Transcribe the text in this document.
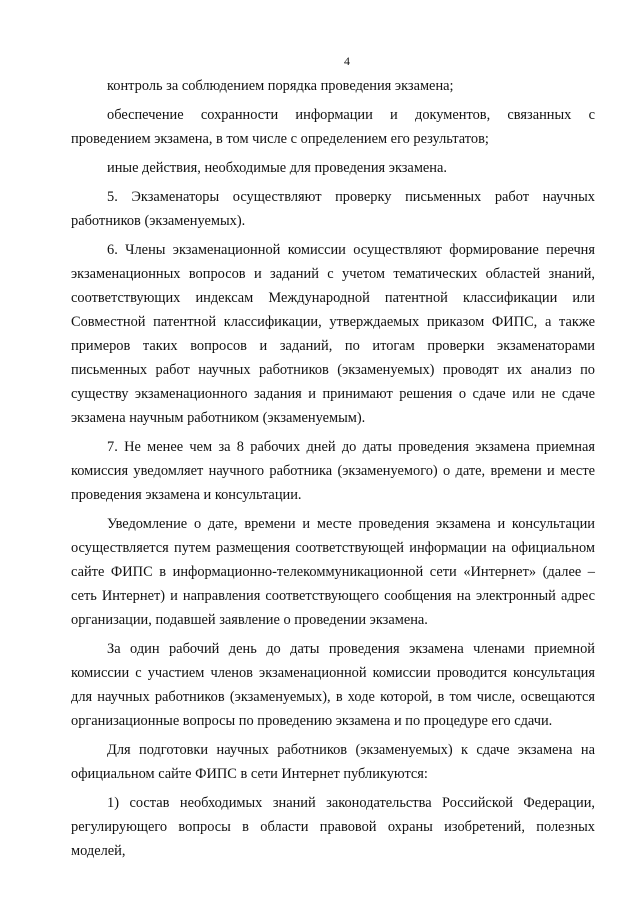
4

контроль за соблюдением порядка проведения экзамена;

обеспечение сохранности информации и документов, связанных с проведением экзамена, в том числе с определением его результатов;

иные действия, необходимые для проведения экзамена.

5. Экзаменаторы осуществляют проверку письменных работ научных работников (экзаменуемых).

6. Члены экзаменационной комиссии осуществляют формирование перечня экзаменационных вопросов и заданий с учетом тематических областей знаний, соответствующих индексам Международной патентной классификации или Совместной патентной классификации, утверждаемых приказом ФИПС, а также примеров таких вопросов и заданий, по итогам проверки экзаменаторами письменных работ научных работников (экзаменуемых) проводят их анализ по существу экзаменационного задания и принимают решения о сдаче или не сдаче экзамена научным работником (экзаменуемым).

7. Не менее чем за 8 рабочих дней до даты проведения экзамена приемная комиссия уведомляет научного работника (экзаменуемого) о дате, времени и месте проведения экзамена и консультации.

Уведомление о дате, времени и месте проведения экзамена и консультации осуществляется путем размещения соответствующей информации на официальном сайте ФИПС в информационно-телекоммуникационной сети «Интернет» (далее – сеть Интернет) и направления соответствующего сообщения на электронный адрес организации, подавшей заявление о проведении экзамена.

За один рабочий день до даты проведения экзамена членами приемной комиссии с участием членов экзаменационной комиссии проводится консультация для научных работников (экзаменуемых), в ходе которой, в том числе, освещаются организационные вопросы по проведению экзамена и по процедуре его сдачи.

Для подготовки научных работников (экзаменуемых) к сдаче экзамена на официальном сайте ФИПС в сети Интернет публикуются:

1) состав необходимых знаний законодательства Российской Федерации, регулирующего вопросы в области правовой охраны изобретений, полезных моделей,
